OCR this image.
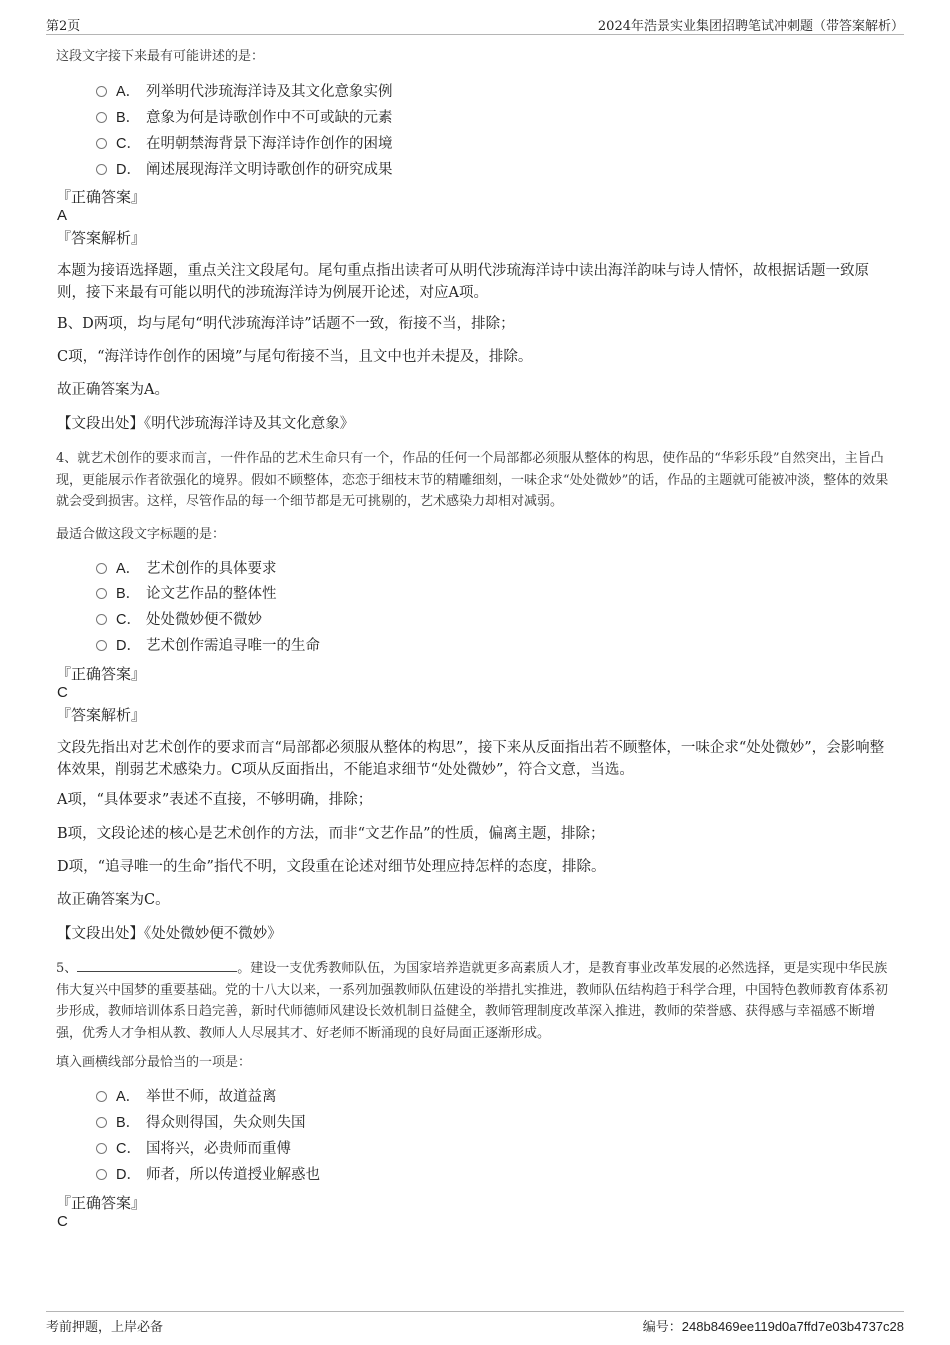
第2页	2024年浩景实业集团招聘笔试冲刺题（带答案解析）
这段文字接下来最有可能讲述的是：
A． 列举明代涉琉海洋诗及其文化意象实例
B． 意象为何是诗歌创作中不可或缺的元素
C． 在明朝禁海背景下海洋诗作创作的困境
D． 阐述展现海洋文明诗歌创作的研究成果
『正确答案』
A
『答案解析』
本题为接语选择题，重点关注文段尾句。尾句重点指出读者可从明代涉琉海洋诗中读出海洋韵味与诗人情怀，故根据话题一致原则，接下来最有可能以明代的涉琉海洋诗为例展开论述，对应A项。
B、D两项，均与尾句“明代涉琉海洋诗”话题不一致，衔接不当，排除；
C项，“海洋诗作创作的困境”与尾句衔接不当，且文中也并未提及，排除。
故正确答案为A。
【文段出处】《明代涉琉海洋诗及其文化意象》
4、就艺术创作的要求而言，一件作品的艺术生命只有一个，作品的任何一个局部都必须服从整体的构思，使作品的“华彩乐段”自然突出，主旨凸现，更能展示作者欲强化的境界。假如不顾整体，恋恋于细枝末节的精雕细刻，一味企求“处处微妙”的话，作品的主题就可能被冲淡，整体的效果就会受到损害。这样，尽管作品的每一个细节都是无可挑剔的，艺术感染力却相对减弱。
最适合做这段文字标题的是：
A． 艺术创作的具体要求
B． 论文艺作品的整体性
C． 处处微妙便不微妙
D． 艺术创作需追寻唯一的生命
『正确答案』
C
『答案解析』
文段先指出对艺术创作的要求而言“局部都必须服从整体的构思”，接下来从反面指出若不顾整体，一味企求“处处微妙”，会影响整体效果，削弱艺术感染力。C项从反面指出，不能追求细节“处处微妙”，符合文意，当选。
A项，“具体要求”表述不直接，不够明确，排除；
B项，文段论述的核心是艺术创作的方法，而非“文艺作品”的性质，偏离主题，排除；
D项，“追寻唯一的生命”指代不明，文段重在论述对细节处理应持怎样的态度，排除。
故正确答案为C。
【文段出处】《处处微妙便不微妙》
5、	。建设一支优秀教师队伍，为国家培养造就更多高素质人才，是教育事业改革发展的必然选择，更是实现中华民族伟大复兴中国梦的重要基础。党的十八大以来，一系列加强教师队伍建设的举措扎实推进，教师队伍结构趋于科学合理，中国特色教师教育体系初步形成，教师培训体系日趋完善，新时代师德师风建设长效机制日益健全，教师管理制度改革深入推进，教师的荣誉感、获得感与幸福感不断增强，优秀人才争相从教、教师人人尽展其才、好老师不断涌现的良好局面正逐渐形成。
填入画横线部分最恰当的一项是：
A． 举世不师，故道益离
B． 得众则得国，失众则失国
C． 国将兴，必贵师而重傅
D． 师者，所以传道授业解惑也
『正确答案』
C
考前押题，上岸必备	编号：248b8469ee119d0a7ffd7e03b4737c28
